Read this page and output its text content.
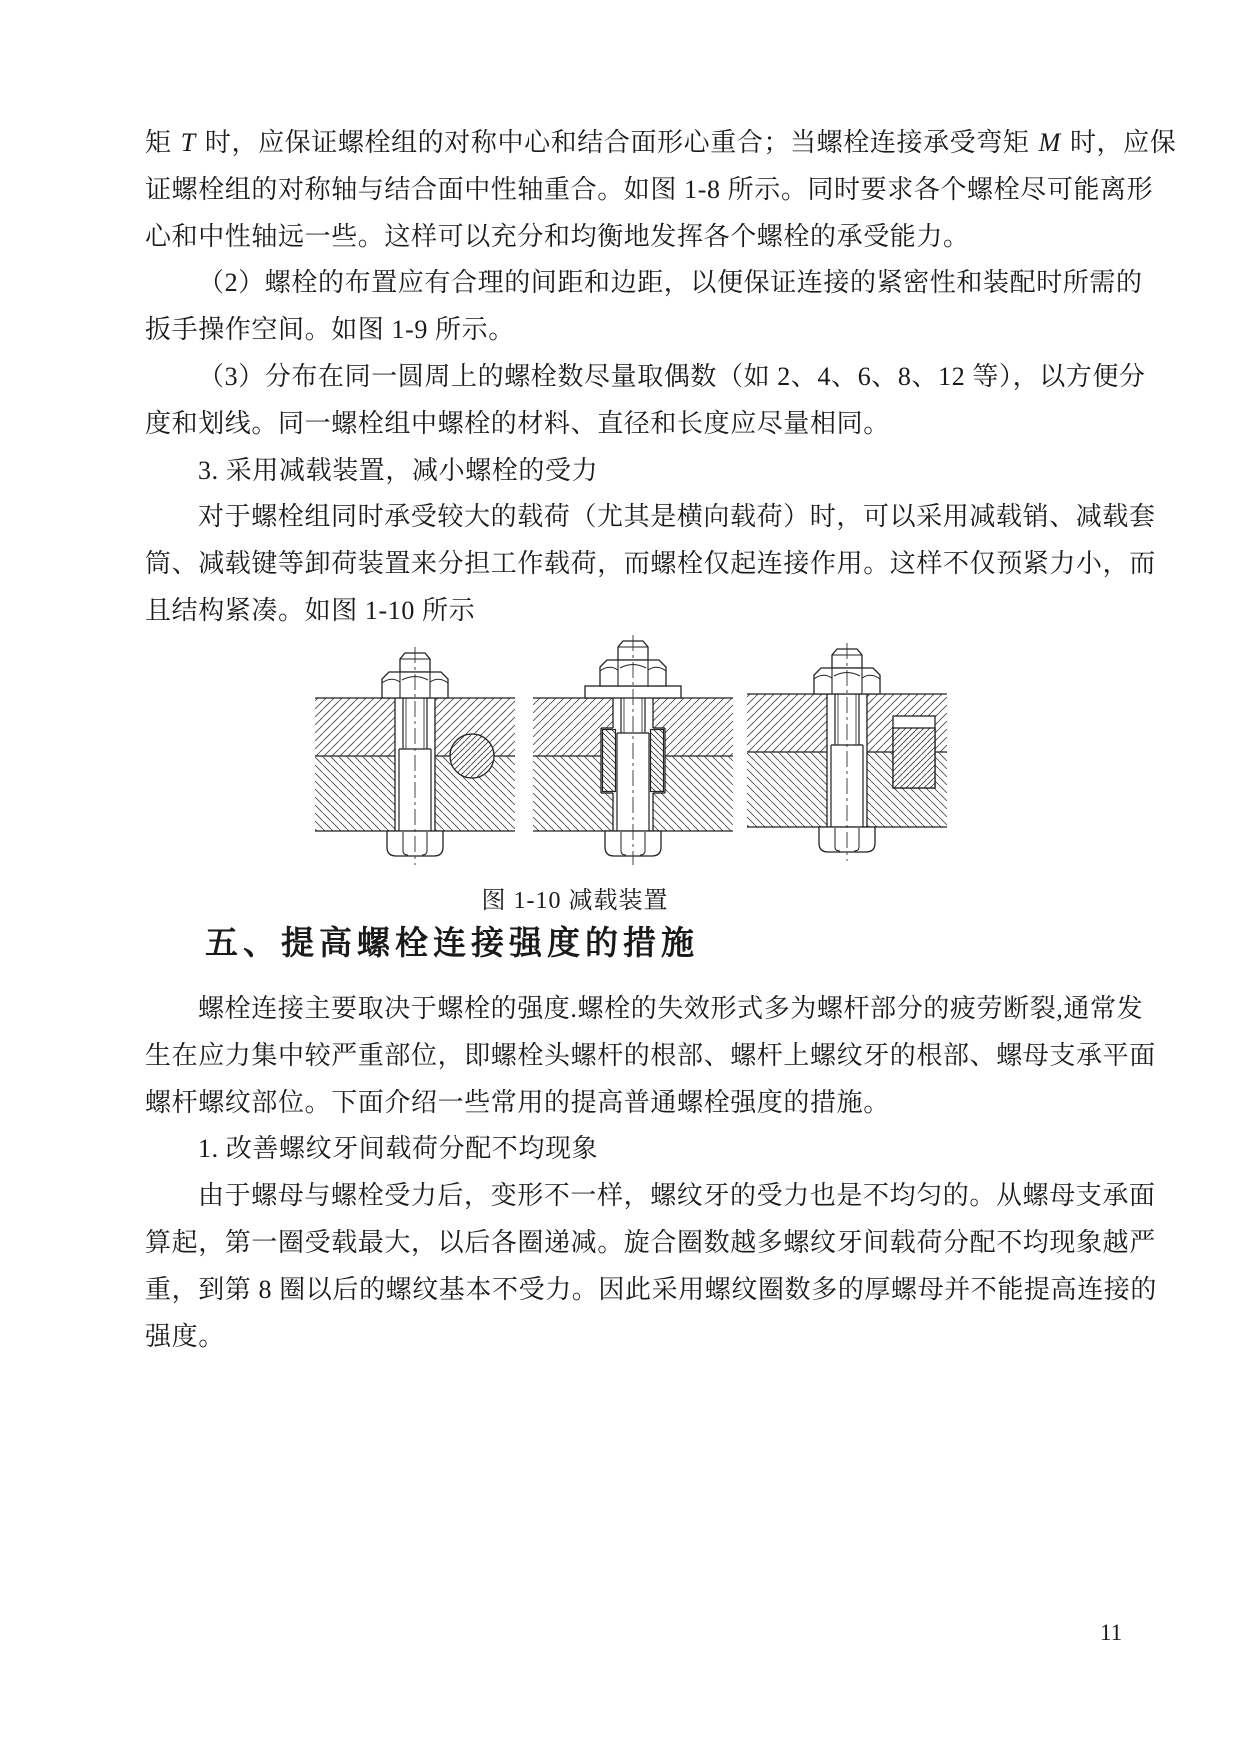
矩 T 时，应保证螺栓组的对称中心和结合面形心重合；当螺栓连接承受弯矩 M 时，应保
证螺栓组的对称轴与结合面中性轴重合。如图 1-8 所示。同时要求各个螺栓尽可能离形
心和中性轴远一些。这样可以充分和均衡地发挥各个螺栓的承受能力。
（2）螺栓的布置应有合理的间距和边距，以便保证连接的紧密性和装配时所需的
扳手操作空间。如图 1-9 所示。
（3）分布在同一圆周上的螺栓数尽量取偶数（如 2、4、6、8、12 等），以方便分
度和划线。同一螺栓组中螺栓的材料、直径和长度应尽量相同。
3. 采用减载装置，减小螺栓的受力
对于螺栓组同时承受较大的载荷（尤其是横向载荷）时，可以采用减载销、减载套
筒、减载键等卸荷装置来分担工作载荷，而螺栓仅起连接作用。这样不仅预紧力小，而
且结构紧凑。如图 1-10 所示
图 1-10 减载装置
五、提高螺栓连接强度的措施
螺栓连接主要取决于螺栓的强度.螺栓的失效形式多为螺杆部分的疲劳断裂,通常发
生在应力集中较严重部位，即螺栓头螺杆的根部、螺杆上螺纹牙的根部、螺母支承平面
螺杆螺纹部位。下面介绍一些常用的提高普通螺栓强度的措施。
1. 改善螺纹牙间载荷分配不均现象
由于螺母与螺栓受力后，变形不一样，螺纹牙的受力也是不均匀的。从螺母支承面
算起，第一圈受载最大，以后各圈递减。旋合圈数越多螺纹牙间载荷分配不均现象越严
重，到第 8 圈以后的螺纹基本不受力。因此采用螺纹圈数多的厚螺母并不能提高连接的
强度。
11
